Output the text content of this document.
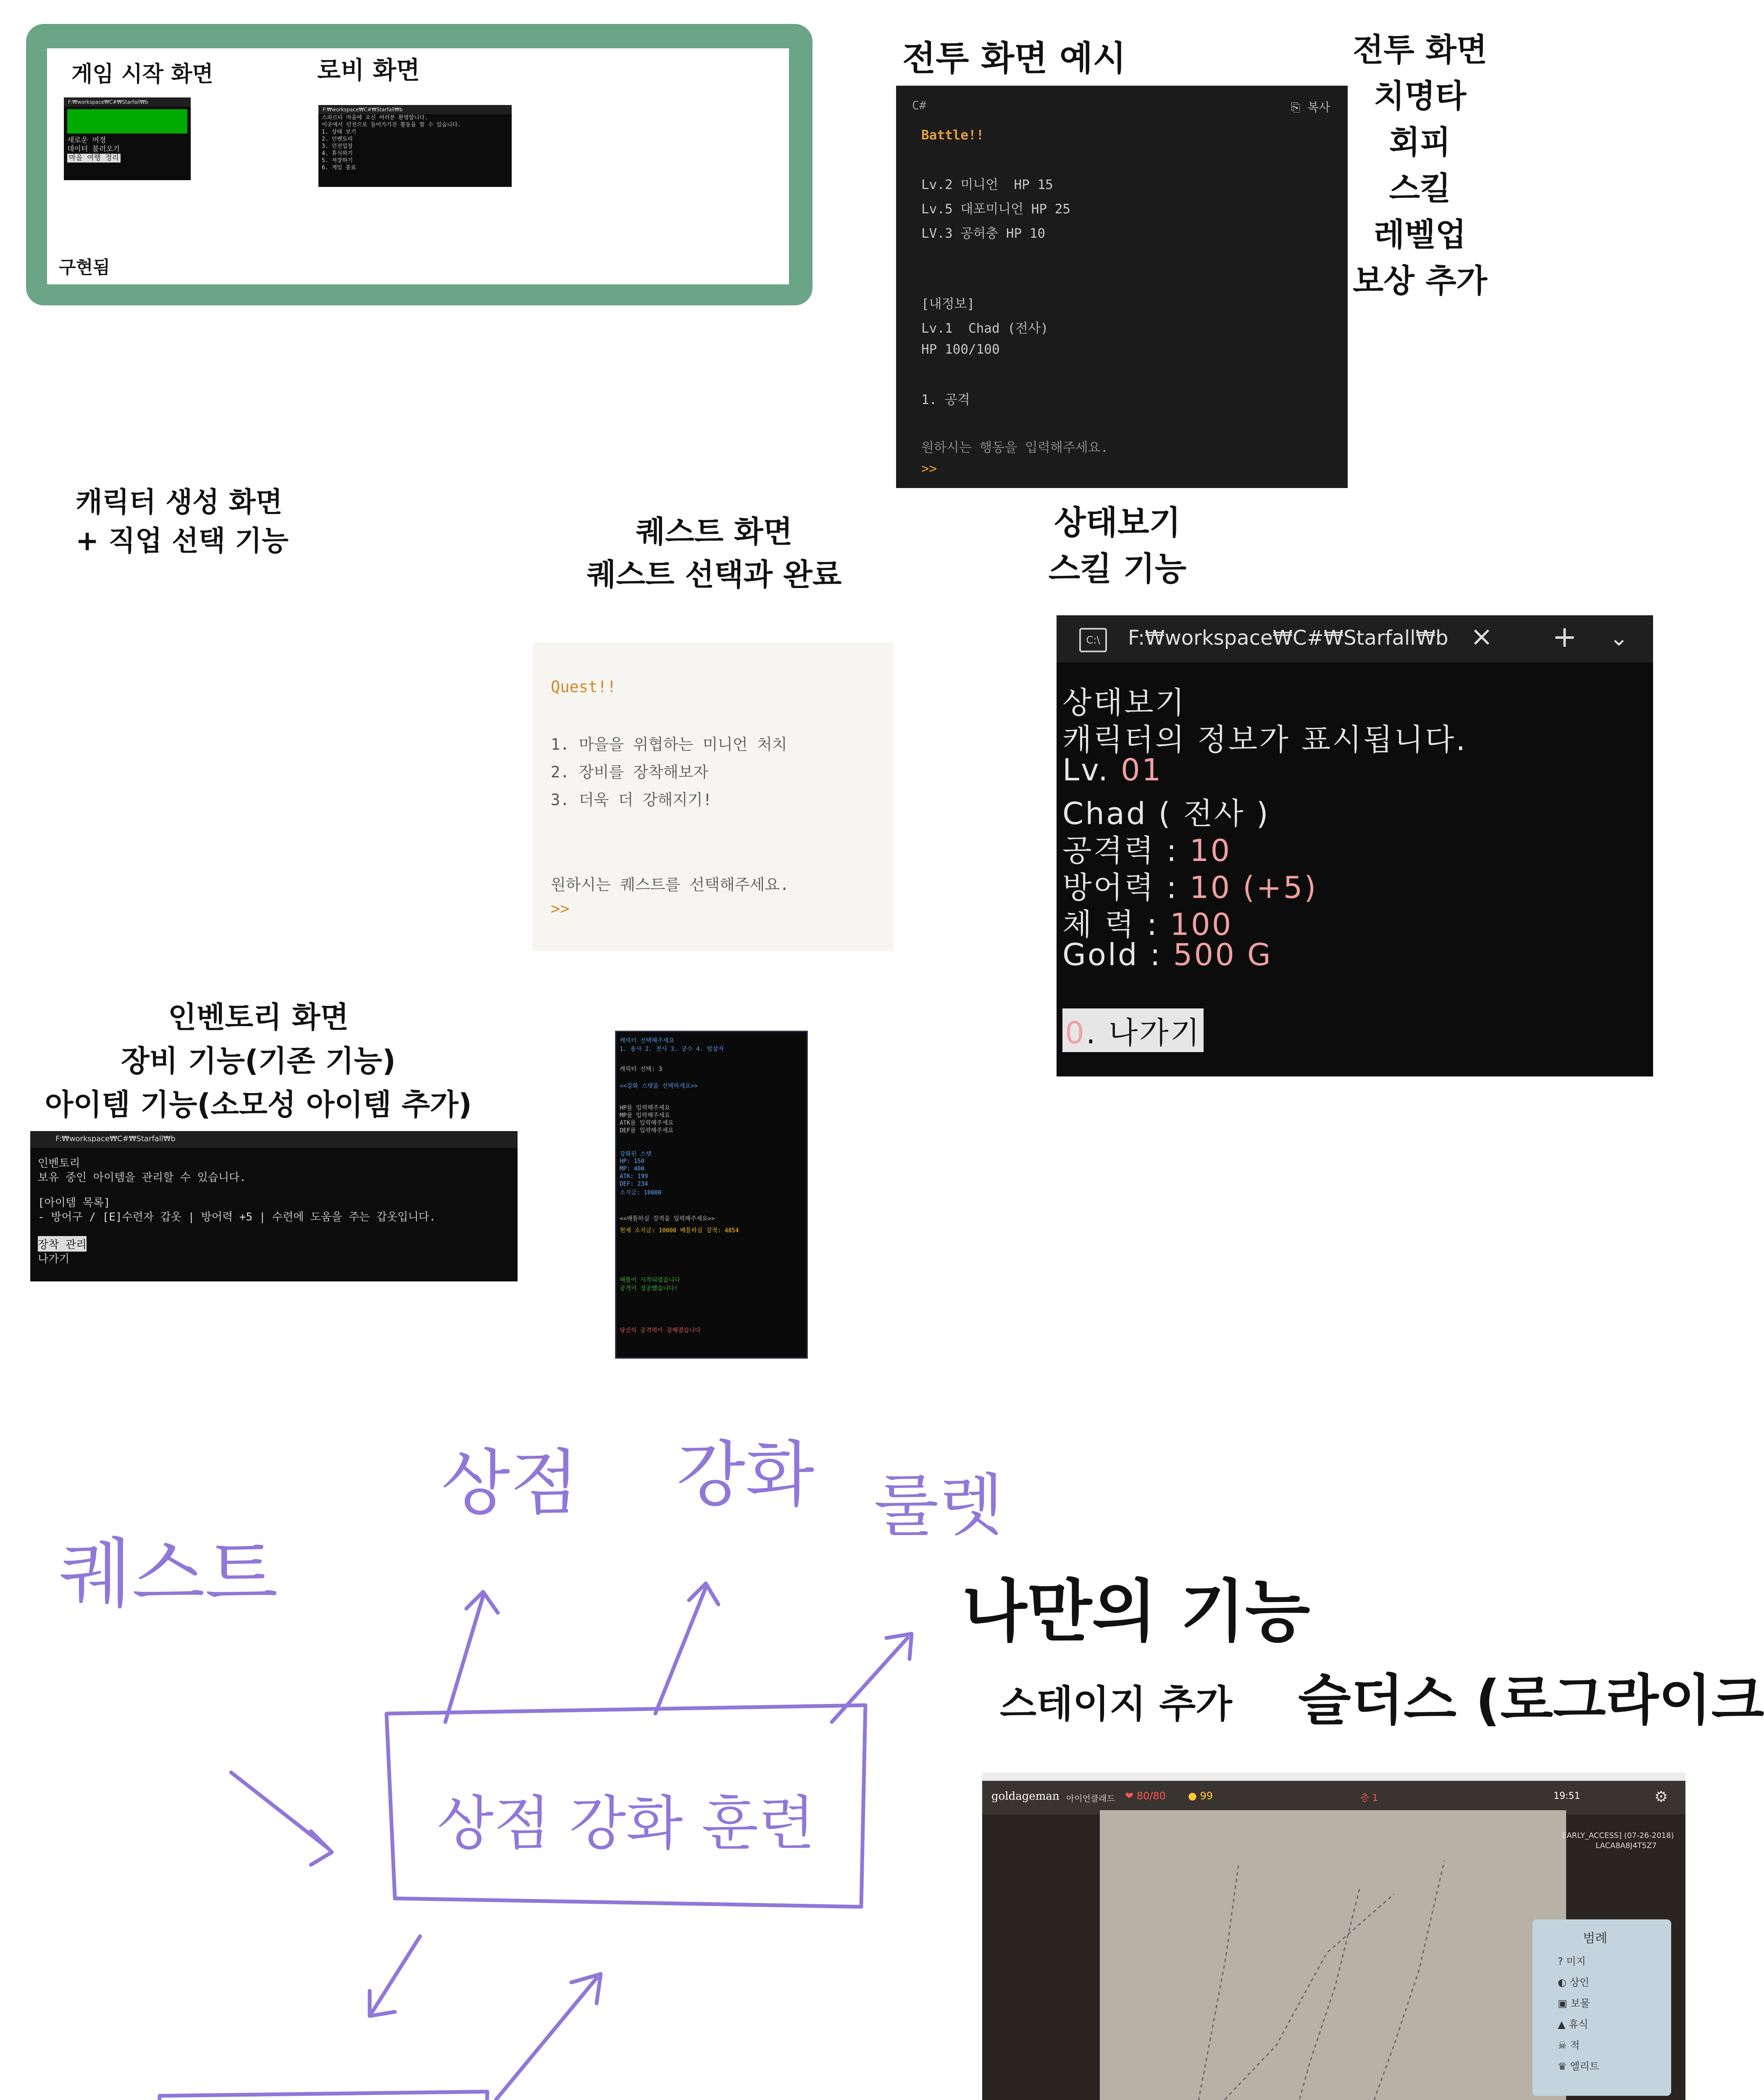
게임 시작 화면	로비 화면
구현됨
F:₩workspace₩C#₩Starfall₩b
새로운 여정
데이터 불러오기
마을 여행 정리
F:₩workspace₩C#₩Starfall₩b
스파르타 마을에 오신 여러분 환영합니다.
이곳에서 던전으로 들어가기전 활동을 할 수 있습니다.
1. 상태 보기
2. 인벤토리
3. 던전입장
4. 휴식하기
5. 저장하기
6. 게임 종료
전투 화면 예시

C#

	⎘ 복사

Battle!!

Lv.2 미니언  HP 15

Lv.5 대포미니언 HP 25

LV.3 공허충 HP 10

[내정보]

Lv.1  Chad (전사)

HP 100/100

1. 공격

원하시는 행동을 입력해주세요.

>>

전투 화면
치명타
회피
스킬
레벨업
보상 추가
캐릭터 생성 화면
+ 직업 선택 기능	퀘스트 화면
퀘스트 선택과 완료

Quest!!

1. 마을을 위협하는 미니언 처치

2. 장비를 장착해보자

3. 더욱 더 강해지기!

원하시는 퀘스트를 선택해주세요.

>>

상태보기
스킬 기능
C:\	F:₩workspace₩C#₩Starfall₩b × + ⌄
상태보기
캐릭터의 정보가 표시됩니다.
Lv. 01
Chad ( 전사 )
공격력 : 10
방어력 : 10 (+5)
체 력 : 100
Gold : 500 G
0. 나가기
인벤토리 화면
장비 기능(기존 기능)
아이템 기능(소모성 아이템 추가)
F:₩workspace₩C#₩Starfall₩b
인벤토리
보유 중인 아이템을 관리할 수 있습니다.
[아이템 목록]
- 방어구 / [E]수련자 갑옷 | 방어력 +5 | 수련에 도움을 주는 갑옷입니다.
장착 관리
나가기
캐릭터 선택해주세요
1. 용사 2. 전사 3. 궁수 4. 암살자
캐릭터 선택: 3
<<강화 스탯을 선택하세요>>
HP를 입력해주세요
MP를 입력해주세요
ATK를 입력해주세요
DEF를 입력해주세요
강화된 스탯
HP: 150
MP: 400
ATK: 199
DEF: 234
소지금: 10000
<<배틀하실 강적을 입력해주세요>>
현재 소지금: 10000 배틀하실 강적: 4854
배틀이 시작되었습니다
공격이 성공했습니다!
당신의 공격력이 강해졌습니다
퀘스트
상점 강화 룰렛
상점 강화 훈련
나만의 기능
스테이지 추가 슬더스 (로그라이크
goldageman 아이언클래드 ❤ 80/80 ● 99	층 1	19:51	⚙
EARLY_ACCESS] (07-26-2018)
LACA8A8J4T5Z7
범례
? 미지
◐ 상인
▣ 보물
▲ 휴식
☠ 적
♛ 엘리트
